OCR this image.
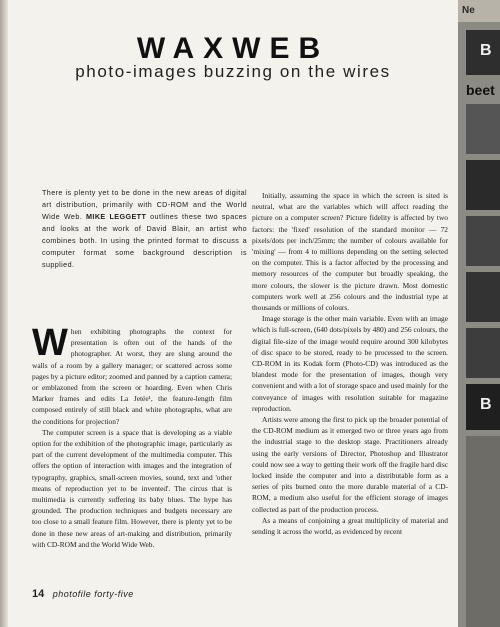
WAXWEB
photo-images buzzing on the wires
There is plenty yet to be done in the new areas of digital art distribution, primarily with CD-ROM and the World Wide Web. MIKE LEGGETT outlines these two spaces and looks at the work of David Blair, an artist who combines both. In using the printed format to discuss a computer format some background description is supplied.

When exhibiting photographs the context for presentation is often out of the hands of the photographer. At worst, they are slung around the walls of a room by a gallery manager; or scattered across some pages by a picture editor; zoomed and panned by a caption camera; or emblazoned from the screen or hoarding. Even when Chris Marker frames and edits La Jetée¹, the feature-length film composed entirely of still black and white photographs, what are the conditions for projection?

The computer screen is a space that is developing as a viable option for the exhibition of the photographic image, particularly as part of the current development of the multimedia computer. This offers the option of interaction with images and the integration of typography, graphics, small-screen movies, sound, text and 'other means of reproduction yet to be invented'. The circus that is multimedia is currently suffering its baby blues. The hype has grounded. The production techniques and budgets necessary are too close to a small feature film. However, there is plenty yet to be done in these new areas of art-making and distribution, primarily with CD-ROM and the World Wide Web.

Initially, assuming the space in which the screen is sited is neutral, what are the variables which will affect reading the picture on a computer screen? Picture fidelity is affected by two factors: the 'fixed' resolution of the standard monitor — 72 pixels/dots per inch/25mm; the number of colours available for 'mixing' — from 4 to millions depending on the setting selected on the computer. This is a factor affected by the processing and memory resources of the computer but broadly speaking, the more colours, the slower is the picture drawn. Most domestic computers work well at 256 colours and the industrial type at thousands or millions of colours.

Image storage is the other main variable. Even with an image which is full-screen, (640 dots/pixels by 480) and 256 colours, the digital file-size of the image would require around 300 kilobytes of disc space to be stored, ready to be processed to the screen. CD-ROM in its Kodak form (Photo-CD) was introduced as the blandest mode for the presentation of images, though very convenient and with a lot of storage space and used mainly for the conveyance of images with resolution suitable for magazine reproduction.

Artists were among the first to pick up the broader potential of the CD-ROM medium as it emerged two or three years ago from the industrial stage to the desktop stage. Practitioners already using the early versions of Director, Photoshop and Illustrator could now see a way to getting their work off the fragile hard disc locked inside the computer and into a distributable form as a series of pits burned onto the more durable material of a CD-ROM, a medium also useful for the efficient storage of images collected as part of the production process.

As a means of conjoining a great multiplicity of material and sending it across the world, as evidenced by recent

14 photofile forty-five
Ne
B
beet
B
